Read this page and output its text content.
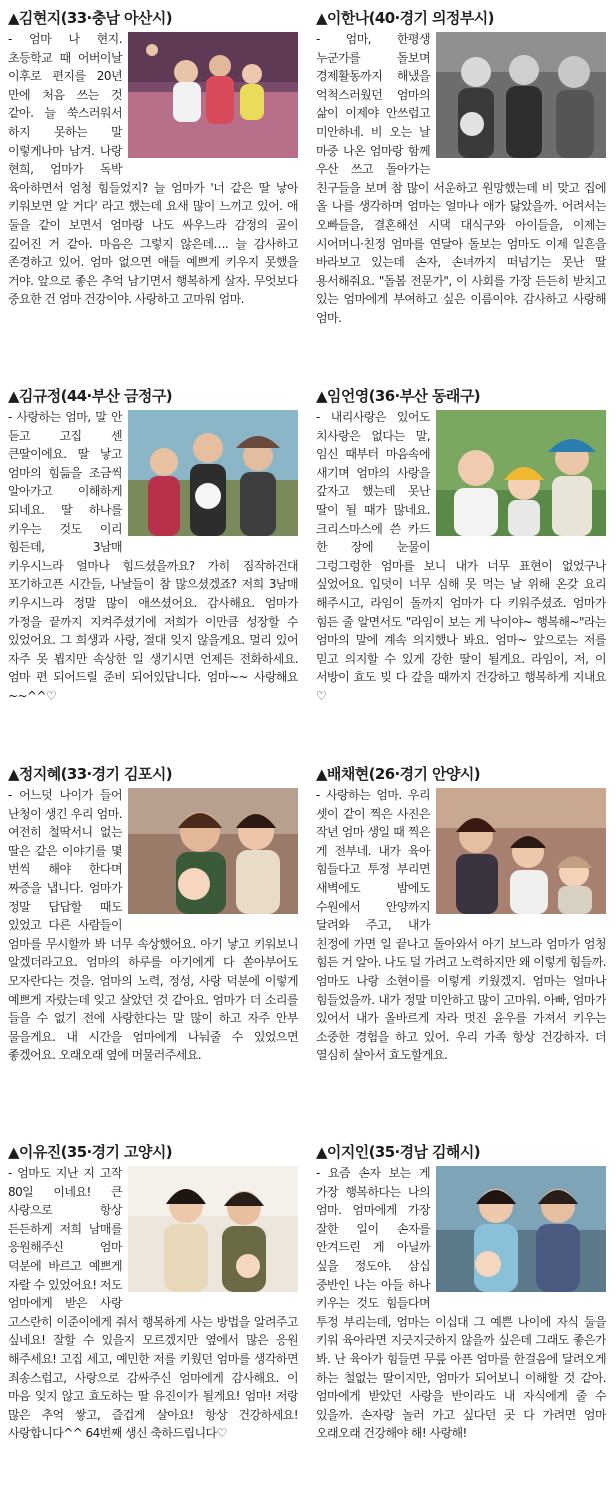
▲김현지(33·충남 아산시)

- 엄마 나 현지. 초등학교 때 어버이날 이후로 편지를 20년 만에 처음 쓰는 것 같아. 늘 쑥스러워서 하지 못하는 말 이렇게나마 남겨. 나랑 현희, 엄마가 독박 육아하면서 엄청 힘들었지? 늘 엄마가 '너 같은 딸 낳아 키워보면 알 거다' 라고 했는데 요새 많이 느끼고 있어. 애 둘을 같이 보면서 엄마랑 나도 싸우느라 감정의 골이 깊어진 거 같아. 마음은 그렇지 않은데…. 늘 감사하고 존경하고 있어. 엄마 없으면 애들 예쁘게 키우지 못했을 거야. 앞으로 좋은 추억 남기면서 행복하게 살자. 무엇보다 중요한 건 엄마 건강이야. 사랑하고 고마워 엄마.

▲이한나(40·경기 의정부시)

- 엄마, 한평생 누군가를 돌보며 경제활동까지 해냈을 억척스러웠던 엄마의 삶이 이제야 안쓰럽고 미안하네. 비 오는 날 마중 나온 엄마랑 함께 우산 쓰고 돌아가는 친구들을 보며 참 많이 서운하고 원망했는데 비 맞고 집에 올 나를 생각하며 엄마는 얼마나 애가 닳았을까. 어려서는 오빠들을, 결혼해선 시댁 대식구와 아이들을, 이제는 시어머니·친정 엄마를 연달아 돌보는 엄마도 이제 일흔을 바라보고 있는데 손자, 손녀까지 떠넘기는 못난 딸 용서해줘요. "돌봄 전문가", 이 사회를 가장 든든히 받치고 있는 엄마에게 부여하고 싶은 이름이야. 감사하고 사랑해 엄마.

▲김규정(44·부산 금정구)

- 사랑하는 엄마, 말 안 듣고 고집 센 큰딸이에요. 딸 낳고 엄마의 힘듦을 조금씩 알아가고 이해하게 되네요. 딸 하나를 키우는 것도 이리 힘든데, 3남매 키우시느라 얼마나 힘드셨을까요? 가히 짐작하건대 포기하고픈 시간들, 나날들이 참 많으셨겠죠? 저희 3남매 키우시느라 정말 많이 애쓰셨어요. 감사해요. 엄마가 가정을 끝까지 지켜주셨기에 저희가 이만큼 성장할 수 있었어요. 그 희생과 사랑, 절대 잊지 않을게요. 멀리 있어 자주 못 뵙지만 속상한 일 생기시면 언제든 전화하세요. 엄마 편 되어드릴 준비 되어있답니다. 엄마~~ 사랑해요~~^^♡

▲임언영(36·부산 동래구)

- 내리사랑은 있어도 치사랑은 없다는 말, 임신 때부터 마음속에 새기며 엄마의 사랑을 갚자고 했는데 못난 딸이 될 때가 많네요. 크리스마스에 쓴 카드 한 장에 눈물이 그렁그렁한 엄마를 보니 내가 너무 표현이 없었구나 싶었어요. 입덧이 너무 심해 못 먹는 날 위해 온갖 요리 해주시고, 라임이 돌까지 엄마가 다 키워주셨죠. 엄마가 힘든 줄 알면서도 "라임이 보는 게 낙이야~ 행복해~"라는 엄마의 말에 계속 의지했나 봐요. 엄마~ 앞으로는 저를 믿고 의지할 수 있게 강한 딸이 될게요. 라임이, 저, 이 서방이 효도 빚 다 갚을 때까지 건강하고 행복하게 지내요♡

▲정지혜(33·경기 김포시)

- 어느덧 나이가 들어 난청이 생긴 우리 엄마. 여전히 철딱서니 없는 딸은 같은 이야기를 몇 번씩 해야 한다며 짜증을 냅니다. 엄마가 정말 답답할 때도 있었고 다른 사람들이 엄마를 무시할까 봐 너무 속상했어요. 아기 낳고 키워보니 알겠더라고요. 엄마의 하루를 아기에게 다 쏟아부어도 모자란다는 것을. 엄마의 노력, 정성, 사랑 덕분에 이렇게 예쁘게 자랐는데 잊고 살았던 것 같아요. 엄마가 더 소리를 들을 수 없기 전에 사랑한다는 말 많이 하고 자주 안부 물을게요. 내 시간을 엄마에게 나눠줄 수 있었으면 좋겠어요. 오래오래 옆에 머물러주세요.

▲배채현(26·경기 안양시)

- 사랑하는 엄마. 우리 셋이 같이 찍은 사진은 작년 엄마 생일 때 찍은 게 전부네. 내가 육아 힘들다고 투정 부리면 새벽에도 밤에도 수원에서 안양까지 달려와 주고, 내가 친정에 가면 일 끝나고 돌아와서 아기 보느라 엄마가 엄청 힘든 거 알아. 나도 덜 가려고 노력하지만 왜 이렇게 힘들까. 엄마도 나랑 소현이를 이렇게 키웠겠지. 엄마는 얼마나 힘들었을까. 내가 정말 미안하고 많이 고마워. 아빠, 엄마가 있어서 내가 올바르게 자라 멋진 윤우를 가져서 키우는 소중한 경험을 하고 있어. 우리 가족 항상 건강하자. 더 열심히 살아서 효도할게요.

▲이유진(35·경기 고양시)

- 엄마도 지난 지 고작 80일 이네요! 큰 사랑으로 항상 든든하게 저희 남매를 응원해주신 엄마 덕분에 바르고 예쁘게 자랄 수 있었어요! 저도 엄마에게 받은 사랑 고스란히 이준이에게 줘서 행복하게 사는 방법을 알려주고 싶네요! 잘할 수 있을지 모르겠지만 옆에서 많은 응원 해주세요! 고집 세고, 예민한 저를 키웠던 엄마를 생각하면 죄송스럽고, 사랑으로 감싸주신 엄마에게 감사해요. 이 마음 잊지 않고 효도하는 딸 유진이가 될게요! 엄마! 저랑 많은 추억 쌓고, 즐겁게 살아요! 항상 건강하세요! 사랑합니다^^ 64번째 생신 축하드립니다♡

▲이지인(35·경남 김해시)

- 요즘 손자 보는 게 가장 행복하다는 나의 엄마. 엄마에게 가장 잘한 일이 손자를 안겨드린 게 아닐까 싶을 정도야. 삼십 중반인 나는 아들 하나 키우는 것도 힘들다며 투정 부리는데, 엄마는 이십대 그 예쁜 나이에 자식 둘을 키워 육아라면 지긋지긋하지 않을까 싶은데 그래도 좋은가 봐. 난 육아가 힘들면 무릎 아픈 엄마를 한걸음에 달려오게 하는 철없는 딸이지만, 엄마가 되어보니 이해할 것 같아. 엄마에게 받았던 사랑을 반이라도 내 자식에게 줄 수 있을까. 손자랑 놀러 가고 싶다던 곳 다 가려면 엄마 오래오래 건강해야 해! 사랑해!
